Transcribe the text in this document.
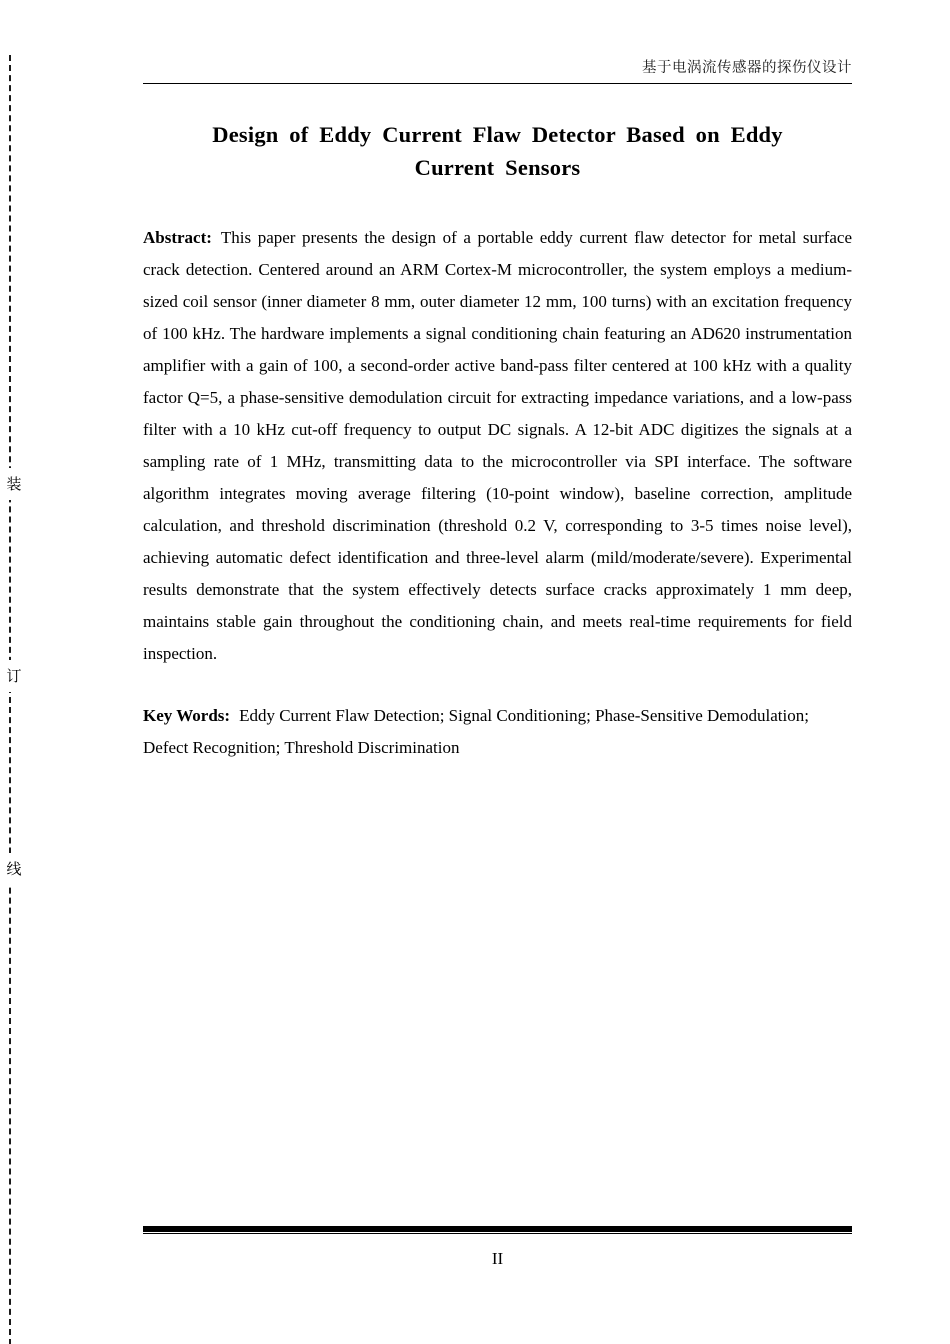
装
订
线
基于电涡流传感器的探伤仪设计
Design of Eddy Current Flaw Detector Based on Eddy
Current Sensors

Abstract: This paper presents the design of a portable eddy current flaw detector for metal surface crack detection. Centered around an ARM Cortex-M microcontroller, the system employs a medium-sized coil sensor (inner diameter 8 mm, outer diameter 12 mm, 100 turns) with an excitation frequency of 100 kHz. The hardware implements a signal conditioning chain featuring an AD620 instrumentation amplifier with a gain of 100, a second-order active band-pass filter centered at 100 kHz with a quality factor Q=5, a phase-sensitive demodulation circuit for extracting impedance variations, and a low-pass filter with a 10 kHz cut-off frequency to output DC signals. A 12-bit ADC digitizes the signals at a sampling rate of 1 MHz, transmitting data to the microcontroller via SPI interface. The software algorithm integrates moving average filtering (10-point window), baseline correction, amplitude calculation, and threshold discrimination (threshold 0.2 V, corresponding to 3-5 times noise level), achieving automatic defect identification and three-level alarm (mild/moderate/severe). Experimental results demonstrate that the system effectively detects surface cracks approximately 1 mm deep, maintains stable gain throughout the conditioning chain, and meets real-time requirements for field inspection.

Key Words: Eddy Current Flaw Detection; Signal Conditioning; Phase-Sensitive Demodulation; Defect Recognition; Threshold Discrimination

II
